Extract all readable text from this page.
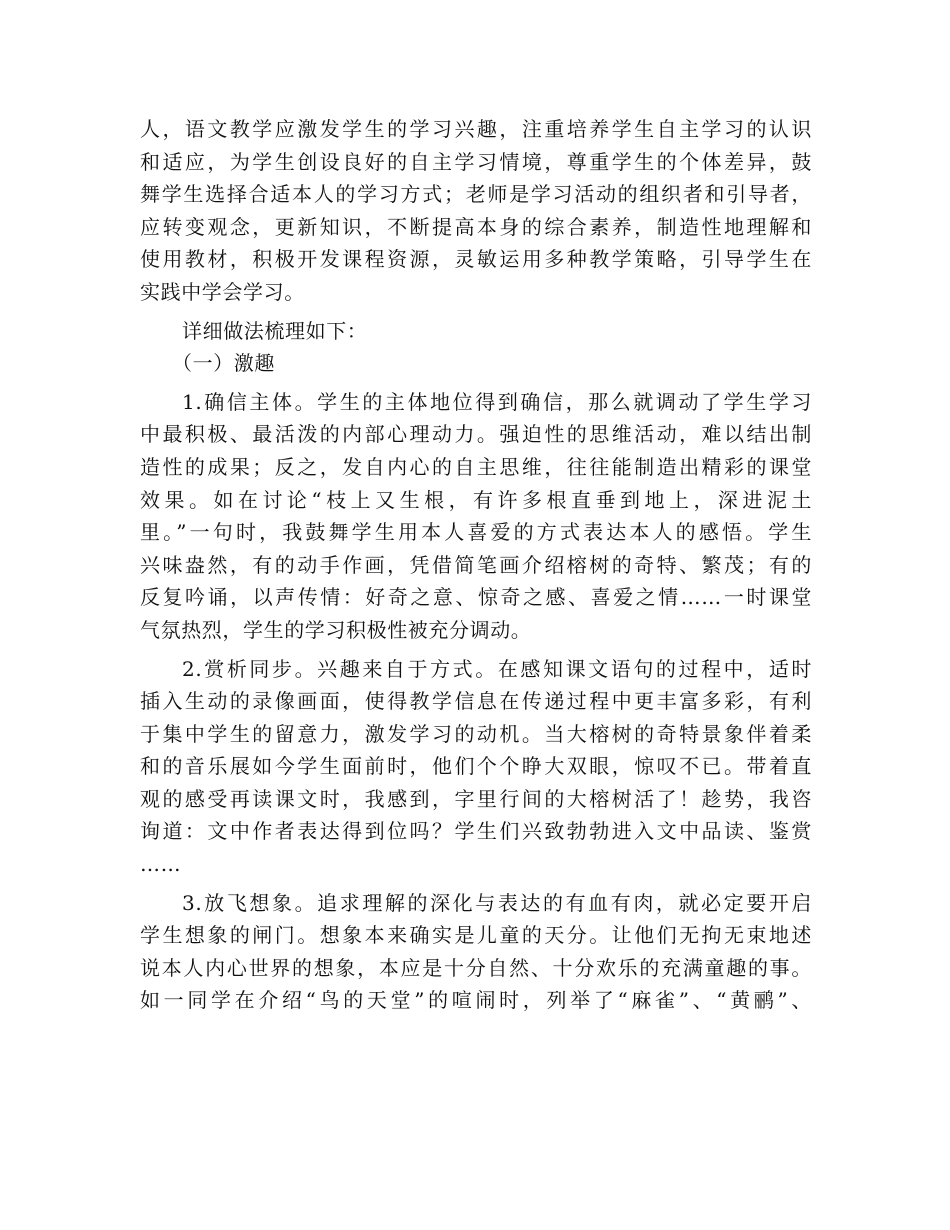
人，语文教学应激发学生的学习兴趣，注重培养学生自主学习的认识
和适应，为学生创设良好的自主学习情境，尊重学生的个体差异，鼓
舞学生选择合适本人的学习方式；老师是学习活动的组织者和引导者，
应转变观念，更新知识，不断提高本身的综合素养，制造性地理解和
使用教材，积极开发课程资源，灵敏运用多种教学策略，引导学生在
实践中学会学习。
详细做法梳理如下：
（一）激趣
1.确信主体。学生的主体地位得到确信，那么就调动了学生学习
中最积极、最活泼的内部心理动力。强迫性的思维活动，难以结出制
造性的成果；反之，发自内心的自主思维，往往能制造出精彩的课堂
效果。如在讨论“枝上又生根，有许多根直垂到地上，深进泥土
里。”一句时，我鼓舞学生用本人喜爱的方式表达本人的感悟。学生
兴味盎然，有的动手作画，凭借简笔画介绍榕树的奇特、繁茂；有的
反复吟诵，以声传情：好奇之意、惊奇之感、喜爱之情……一时课堂
气氛热烈，学生的学习积极性被充分调动。
2.赏析同步。兴趣来自于方式。在感知课文语句的过程中，适时
插入生动的录像画面，使得教学信息在传递过程中更丰富多彩，有利
于集中学生的留意力，激发学习的动机。当大榕树的奇特景象伴着柔
和的音乐展如今学生面前时，他们个个睁大双眼，惊叹不已。带着直
观的感受再读课文时，我感到，字里行间的大榕树活了！趁势，我咨
询道：文中作者表达得到位吗？学生们兴致勃勃进入文中品读、鉴赏
……
3.放飞想象。追求理解的深化与表达的有血有肉，就必定要开启
学生想象的闸门。想象本来确实是儿童的天分。让他们无拘无束地述
说本人内心世界的想象，本应是十分自然、十分欢乐的充满童趣的事。
如一同学在介绍“鸟的天堂”的喧闹时，列举了“麻雀”、“黄鹂”、
